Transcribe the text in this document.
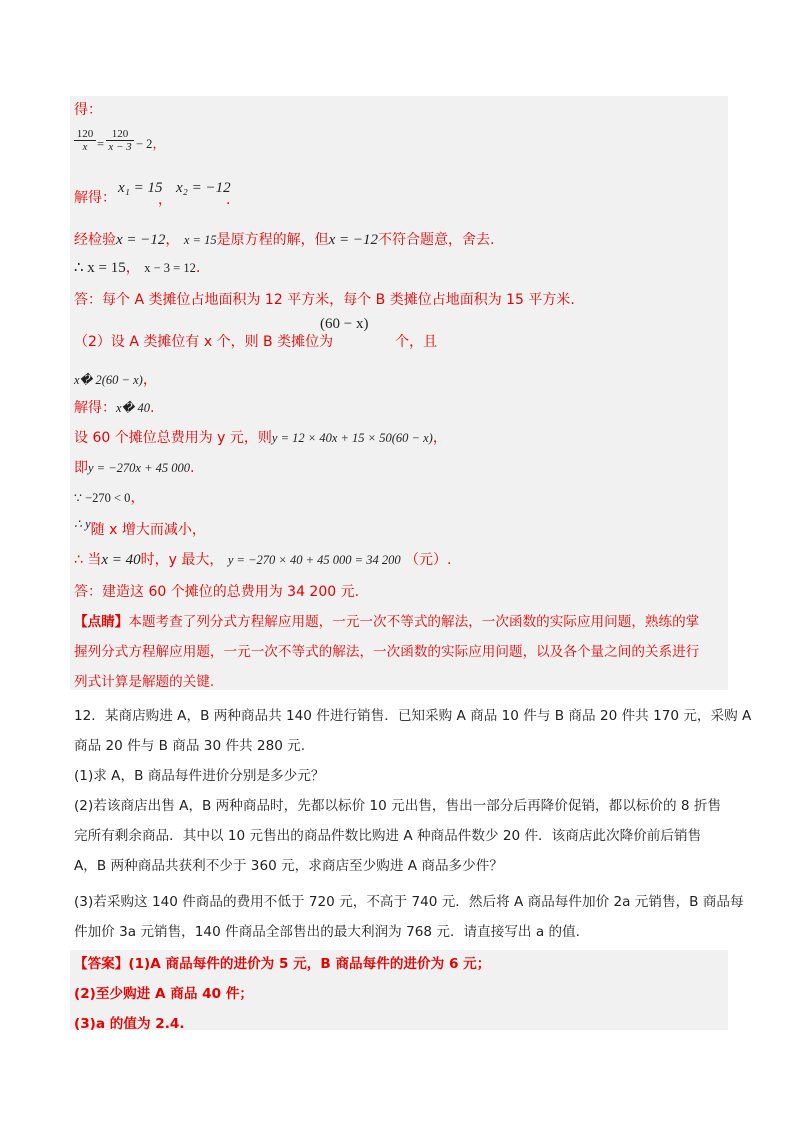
得：
$\frac{120}{x} = \frac{120}{x - 3} - 2$，
解得：
x₁ = 15
，
x₂ = −12
.
经检验x = −12， x = 15是原方程的解，但x = −12不符合题意，舍去.
∴ x = 15， x − 3 = 12.
答：每个 A 类摊位占地面积为 12 平方米，每个 B 类摊位占地面积为 15 平方米.
(60 − x)
（2）设 A 类摊位有 x 个，则 B 类摊位为	个，且
x� 2(60 − x)，
解得：x� 40.
设 60 个摊位总费用为 y 元，则y = 12 × 40x + 15 × 50(60 − x)，
即y = −270x + 45 000.
∵ −270 < 0，
∴ y随 x 增大而减小，
∴ 当x = 40时，y 最大， y = −270 × 40 + 45 000 = 34 200 （元）.
答：建造这 60 个摊位的总费用为 34 200 元.
【点睛】本题考查了列分式方程解应用题，一元一次不等式的解法，一次函数的实际应用问题，熟练的掌
握列分式方程解应用题，一元一次不等式的解法，一次函数的实际应用问题，以及各个量之间的关系进行
列式计算是解题的关键.
12．某商店购进 A，B 两种商品共 140 件进行销售．已知采购 A 商品 10 件与 B 商品 20 件共 170 元，采购 A
商品 20 件与 B 商品 30 件共 280 元.
(1)求 A，B 商品每件进价分别是多少元？
(2)若该商店出售 A，B 两种商品时，先都以标价 10 元出售，售出一部分后再降价促销，都以标价的 8 折售
完所有剩余商品．其中以 10 元售出的商品件数比购进 A 种商品件数少 20 件．该商店此次降价前后销售
A，B 两种商品共获利不少于 360 元，求商店至少购进 A 商品多少件？
(3)若采购这 140 件商品的费用不低于 720 元，不高于 740 元．然后将 A 商品每件加价 2a 元销售，B 商品每
件加价 3a 元销售，140 件商品全部售出的最大利润为 768 元．请直接写出 a 的值.
【答案】(1)A 商品每件的进价为 5 元，B 商品每件的进价为 6 元；
(2)至少购进 A 商品 40 件；
(3)a 的值为 2.4.
